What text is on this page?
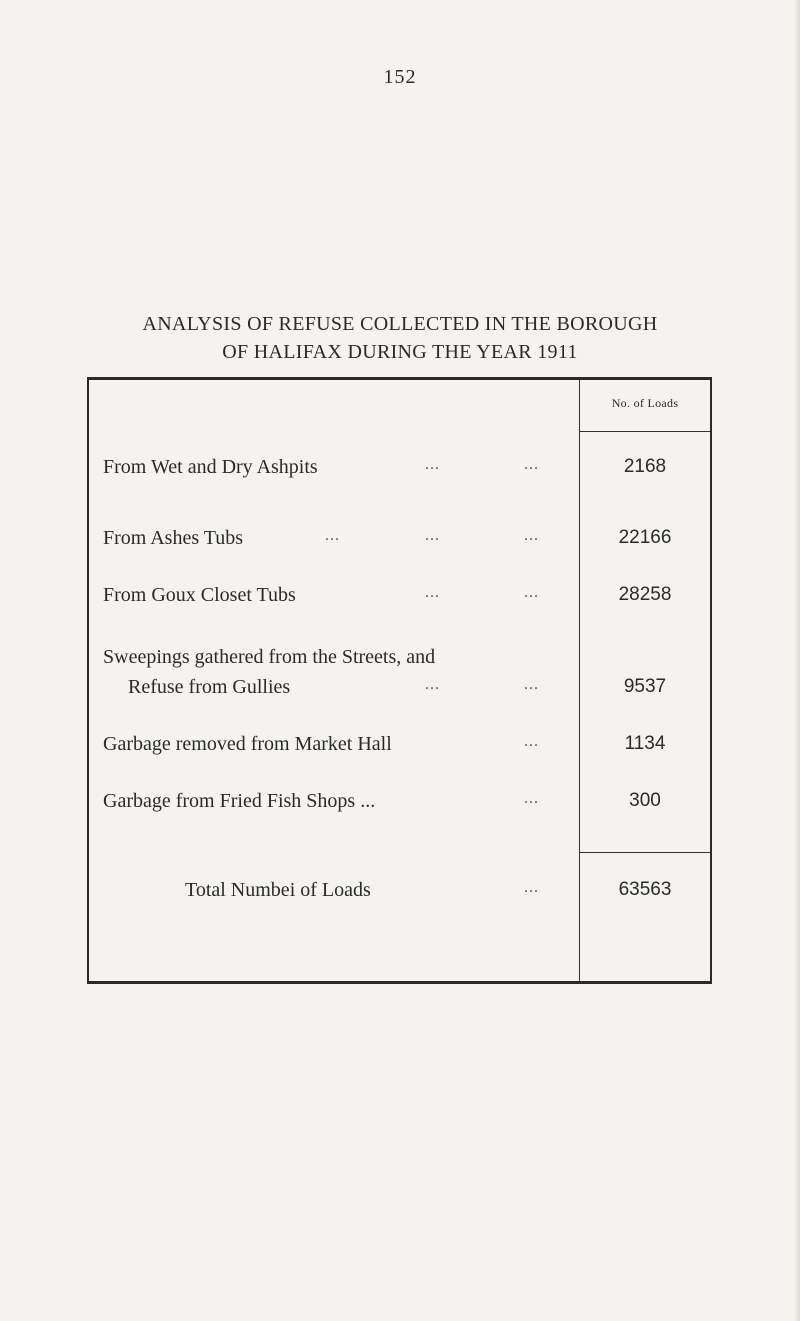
152
ANALYSIS OF REFUSE COLLECTED IN THE BOROUGH
OF HALIFAX DURING THE YEAR 1911
No. of Loads
From Wet and Dry Ashpits	...	...	2168
From Ashes Tubs	...	...	...	22166
From Goux Closet Tubs	...	...	28258
Sweepings gathered from the Streets, and
Refuse from Gullies	...	...	9537
Garbage removed from Market Hall	...	1134
Garbage from Fried Fish Shops ...	...	300
Total Numbei of Loads	...	63563
